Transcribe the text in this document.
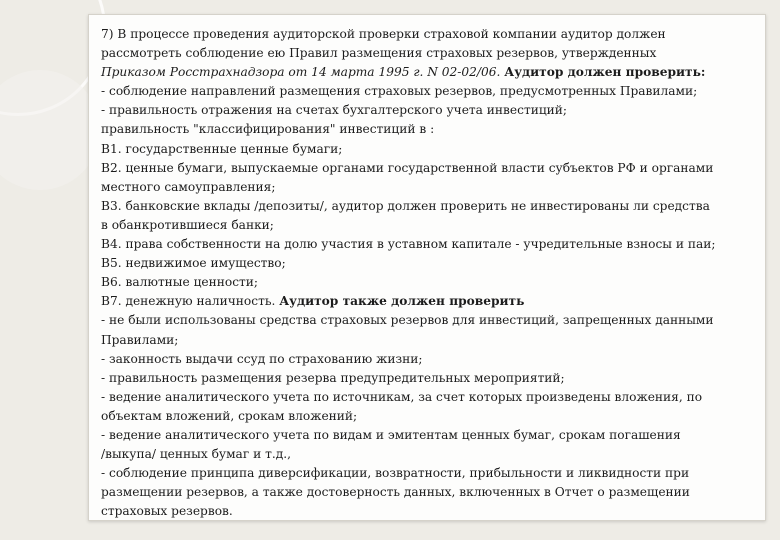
7) В процессе проведения аудиторской проверки страховой компании аудитор должен
рассмотреть соблюдение ею Правил размещения страховых резервов, утвержденных
Приказом Росстрахнадзора от 14 марта 1995 г. N 02-02/06. Аудитор должен проверить:
- соблюдение направлений размещения страховых резервов, предусмотренных Правилами;
- правильность отражения на счетах бухгалтерского учета инвестиций;
правильность "классифицирования" инвестиций в :
В1. государственные ценные бумаги;
В2. ценные бумаги, выпускаемые органами государственной власти субъектов РФ и органами
местного самоуправления;
В3. банковские вклады /депозиты/, аудитор должен проверить не инвестированы ли средства
в обанкротившиеся банки;
В4. права собственности на долю участия в уставном капитале - учредительные взносы и паи;
В5. недвижимое имущество;
В6. валютные ценности;
В7. денежную наличность. Аудитор также должен проверить
- не были использованы средства страховых резервов для инвестиций, запрещенных данными
Правилами;
- законность выдачи ссуд по страхованию жизни;
- правильность размещения резерва предупредительных мероприятий;
- ведение аналитического учета по источникам, за счет которых произведены вложения, по
объектам вложений, срокам вложений;
- ведение аналитического учета по видам и эмитентам ценных бумаг, срокам погашения
/выкупа/ ценных бумаг и т.д.,
- соблюдение принципа диверсификации, возвратности, прибыльности и ликвидности при
размещении резервов, а также достоверность данных, включенных в Отчет о размещении
страховых резервов.
